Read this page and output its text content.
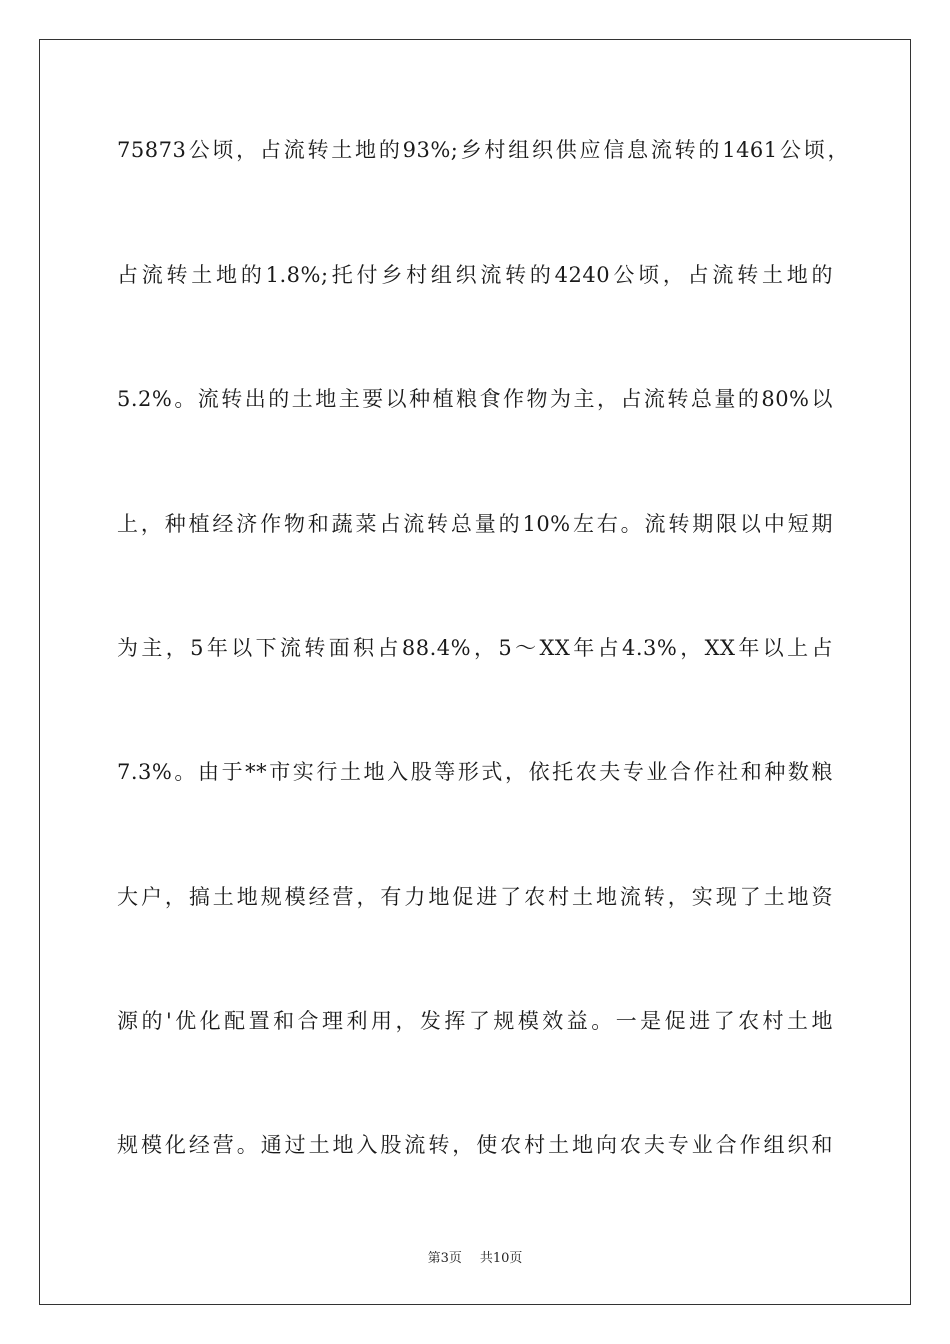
75873公顷，占流转土地的93%;乡村组织供应信息流转的1461公顷，
占流转土地的1.8%;托付乡村组织流转的4240公顷，占流转土地的
5.2%。流转出的土地主要以种植粮食作物为主，占流转总量的80%以
上，种植经济作物和蔬菜占流转总量的10%左右。流转期限以中短期
为主，5年以下流转面积占88.4%，5～XX年占4.3%，XX年以上占
7.3%。由于**市实行土地入股等形式，依托农夫专业合作社和种数粮
大户，搞土地规模经营，有力地促进了农村土地流转，实现了土地资
源的'优化配置和合理利用，发挥了规模效益。一是促进了农村土地
规模化经营。通过土地入股流转，使农村土地向农夫专业合作组织和
第3页 共10页
